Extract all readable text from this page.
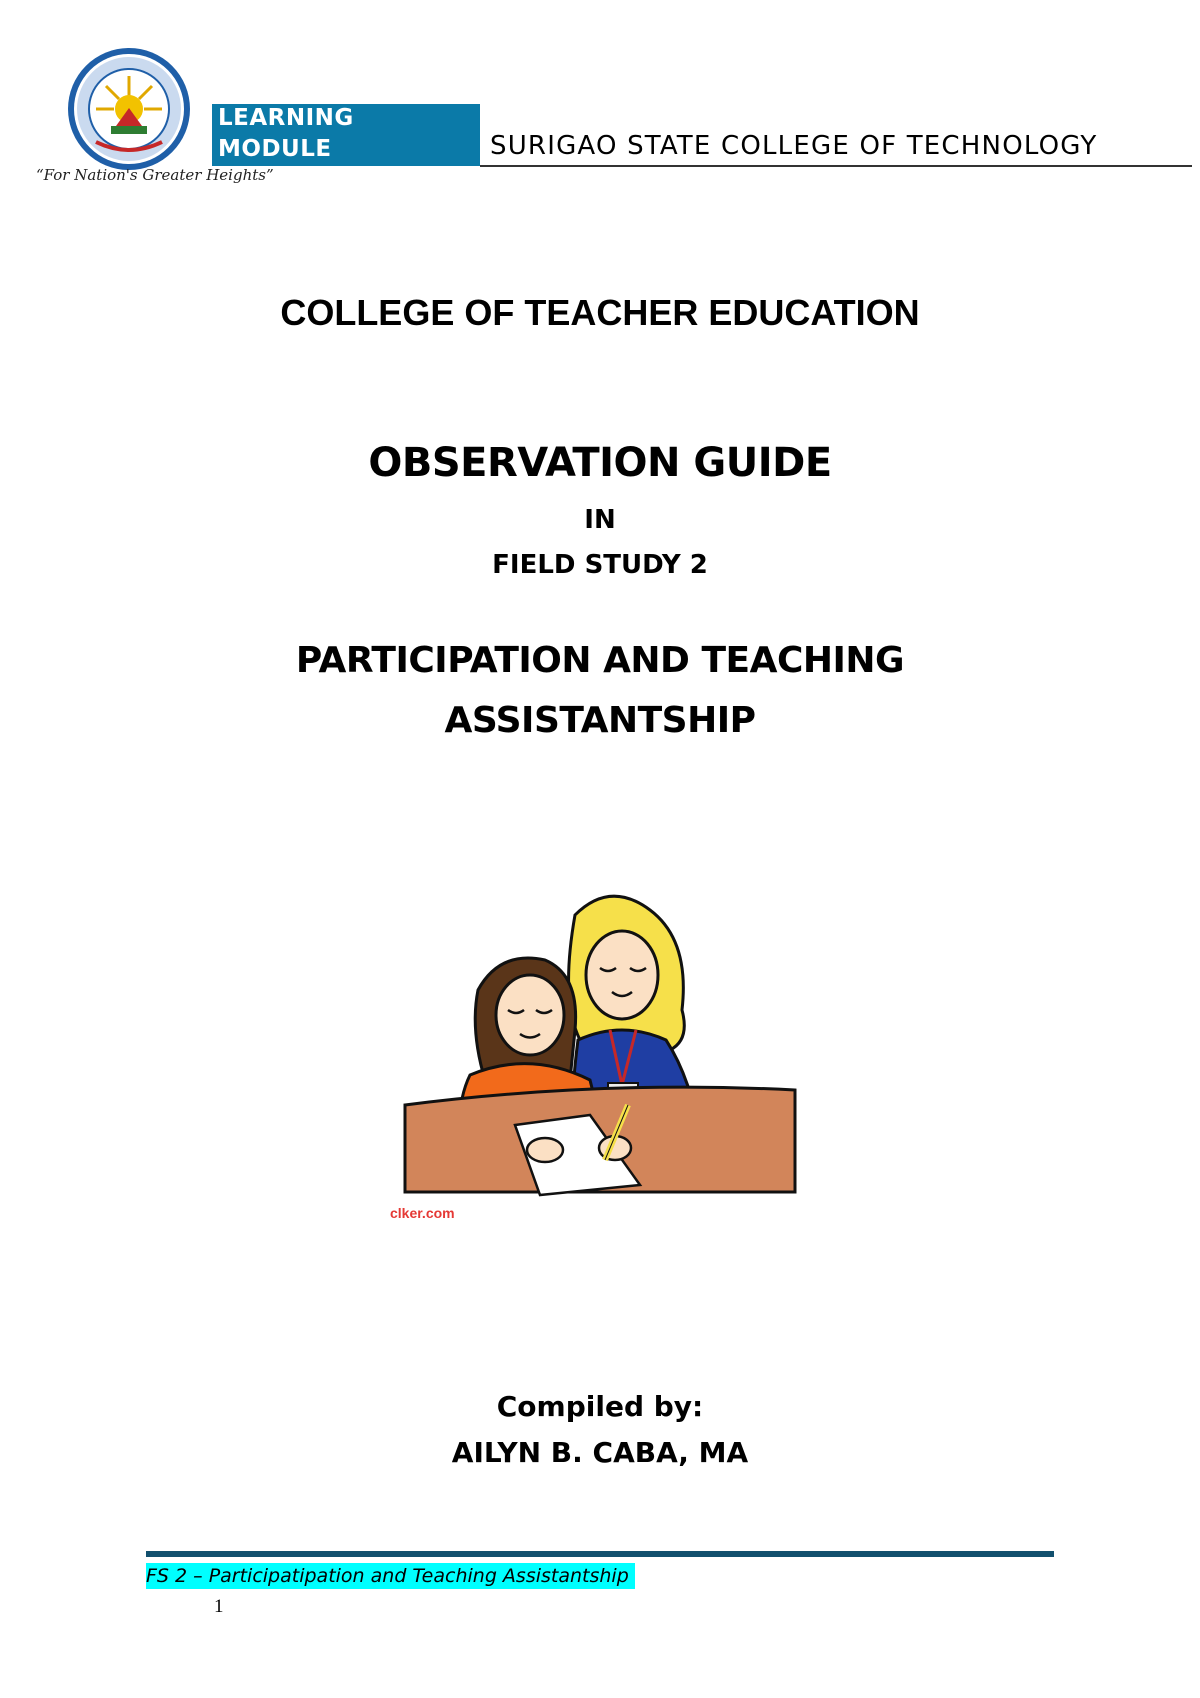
“For Nation's Greater Heights”
LEARNING
MODULE	SURIGAO STATE COLLEGE OF TECHNOLOGY
COLLEGE OF TEACHER EDUCATION
OBSERVATION GUIDE
IN
FIELD STUDY 2
PARTICIPATION AND TEACHING
ASSISTANTSHIP
clker.com
Compiled by:
AILYN B. CABA, MA
FS 2 – Participatipation and Teaching Assistantship
1
